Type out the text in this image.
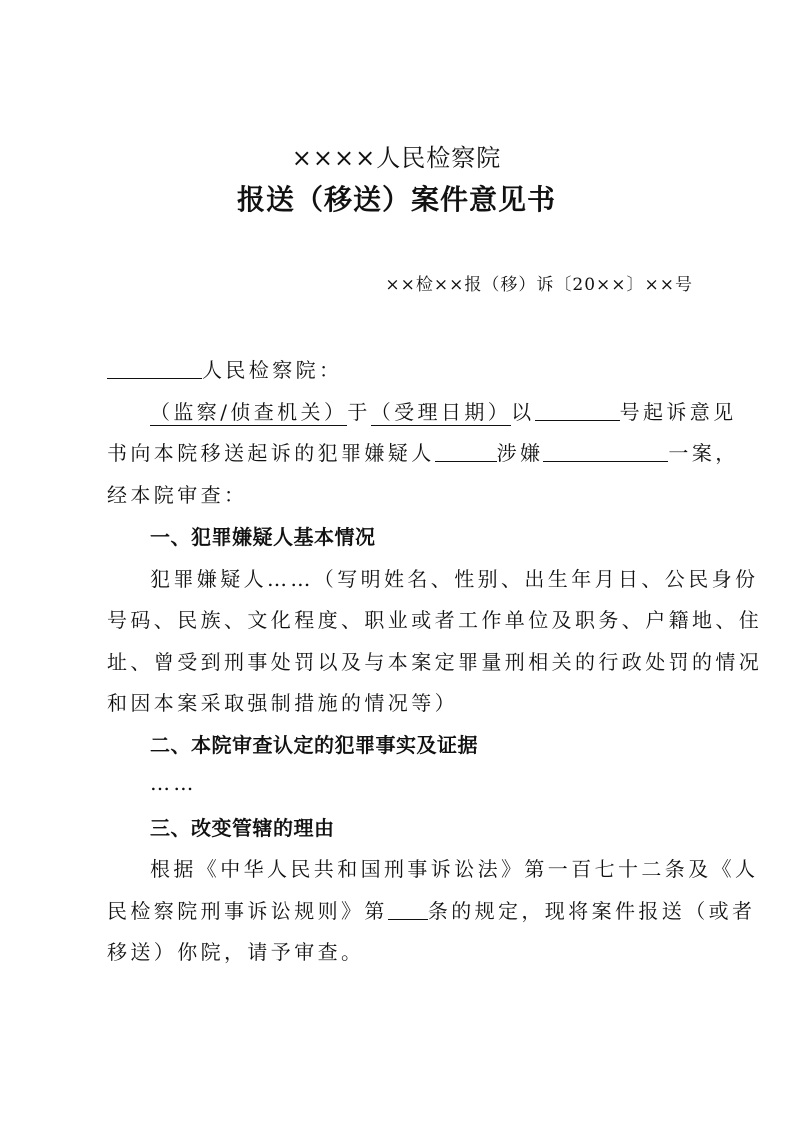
××××人民检察院
报送（移送）案件意见书
××检××报（移）诉〔20××〕××号
人民检察院：
（监察/侦查机关）于（受理日期）以	号起诉意见
书向本院移送起诉的犯罪嫌疑人	涉嫌	一案，
经本院审查：
一、犯罪嫌疑人基本情况
犯罪嫌疑人……（写明姓名、性别、出生年月日、公民身份
号码、民族、文化程度、职业或者工作单位及职务、户籍地、住
址、曾受到刑事处罚以及与本案定罪量刑相关的行政处罚的情况
和因本案采取强制措施的情况等）
二、本院审查认定的犯罪事实及证据
……
三、改变管辖的理由
根据《中华人民共和国刑事诉讼法》第一百七十二条及《人
民检察院刑事诉讼规则》第 条的规定，现将案件报送（或者
移送）你院，请予审查。
